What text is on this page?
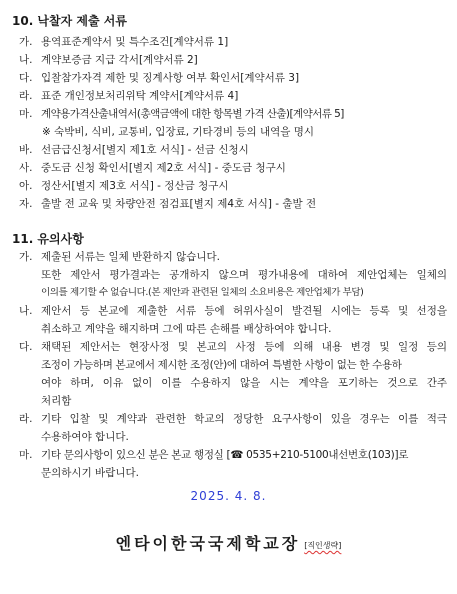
10. 낙찰자 제출 서류
가. 용역표준계약서 및 특수조건[계약서류 1]
나. 계약보증금 지급 각서[계약서류 2]
다. 입찰참가자격 제한 및 징계사항 여부 확인서[계약서류 3]
라. 표준 개인정보처리위탁 계약서[계약서류 4]
마. 계약용가격산출내역서(총액금액에 대한 항목별 가격 산출)[계약서류 5]
※ 숙박비, 식비, 교통비, 입장료, 기타경비 등의 내역을 명시
바. 선금급신청서[별지 제1호 서식] - 선금 신청시
사. 중도금 신청 확인서[별지 제2호 서식] - 중도금 청구시
아. 정산서[별지 제3호 서식] - 정산금 청구시
자. 출발 전 교육 및 차량안전 점검표[별지 제4호 서식] - 출발 전
11. 유의사항
가. 제출된 서류는 일체 반환하지 않습니다.
또한 제안서 평가결과는 공개하지 않으며 평가내용에 대하여 제안업체는 일체의
이의를 제기할 수 없습니다.(본 제안과 관련된 일체의 소요비용은 제안업체가 부담)
나. 제안서 등 본교에 제출한 서류 등에 허위사실이 발견될 시에는 등록 및 선정을
취소하고 계약을 해지하며 그에 따른 손해를 배상하여야 합니다.
다. 채택된 제안서는 현장사정 및 본교의 사정 등에 의해 내용 변경 및 일정 등의
조정이 가능하며 본교에서 제시한 조정(안)에 대하여 특별한 사항이 없는 한 수용하
여야 하며, 이유 없이 이를 수용하지 않을 시는 계약을 포기하는 것으로 간주
처리함
라. 기타 입찰 및 계약과 관련한 학교의 정당한 요구사항이 있을 경우는 이를 적극
수용하여야 합니다.
마. 기타 문의사항이 있으신 분은 본교 행정실 [☎ 0535+210-5100내선번호(103)]로
문의하시기 바랍니다.
2025. 4. 8.
엔타이한국국제학교장 [직인생략]
